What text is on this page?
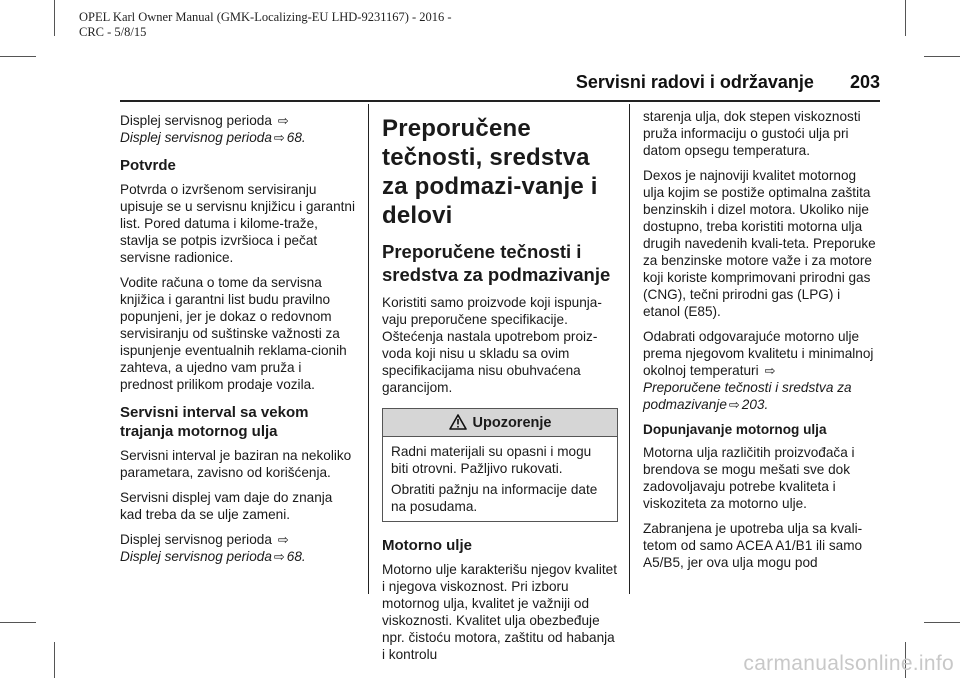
OPEL Karl Owner Manual (GMK-Localizing-EU LHD-9231167) - 2016 -
CRC - 5/8/15
Servisni radovi i održavanje 203

Displej servisnog perioda ⇨

Displej servisnog perioda ⇨ 68.

Potvrde

Potvrda o izvršenom servisiranju upisuje se u servisnu knjižicu i garantni list. Pored datuma i kilome-traže, stavlja se potpis izvršioca i pečat servisne radionice.

Vodite računa o tome da servisna knjižica i garantni list budu pravilno popunjeni, jer je dokaz o redovnom servisiranju od suštinske važnosti za ispunjenje eventualnih reklama-cionih zahteva, a ujedno vam pruža i prednost prilikom prodaje vozila.

Servisni interval sa vekom trajanja motornog ulja

Servisni interval je baziran na nekoliko parametara, zavisno od korišćenja.

Servisni displej vam daje do znanja kad treba da se ulje zameni.

Displej servisnog perioda ⇨

Displej servisnog perioda ⇨ 68.

Preporučene tečnosti, sredstva za podmazi-vanje i delovi
Preporučene tečnosti i sredstva za podmazivanje

Koristiti samo proizvode koji ispunja-vaju preporučene specifikacije. Oštećenja nastala upotrebom proiz-voda koji nisu u skladu sa ovim specifikacijama nisu obuhvaćena garancijom.

Upozorenje

Radni materijali su opasni i mogu biti otrovni. Pažljivo rukovati.

Obratiti pažnju na informacije date na posudama.

Motorno ulje

Motorno ulje karakterišu njegov kvalitet i njegova viskoznost. Pri izboru motornog ulja, kvalitet je važniji od viskoznosti. Kvalitet ulja obezbeđuje npr. čistoću motora, zaštitu od habanja i kontrolu

starenja ulja, dok stepen viskoznosti pruža informaciju o gustoći ulja pri datom opsegu temperatura.

Dexos je najnoviji kvalitet motornog ulja kojim se postiže optimalna zaštita benzinskih i dizel motora. Ukoliko nije dostupno, treba koristiti motorna ulja drugih navedenih kvali-teta. Preporuke za benzinske motore važe i za motore koji koriste komprimovani prirodni gas (CNG), tečni prirodni gas (LPG) i etanol (E85).

Odabrati odgovarajuće motorno ulje prema njegovom kvalitetu i minimalnoj okolnoj temperaturi ⇨

Preporučene tečnosti i sredstva za podmazivanje ⇨ 203.

Dopunjavanje motornog ulja

Motorna ulja različitih proizvođača i brendova se mogu mešati sve dok zadovoljavaju potrebe kvaliteta i viskoziteta za motorno ulje.

Zabranjena je upotreba ulja sa kvali-tetom od samo ACEA A1/B1 ili samo A5/B5, jer ova ulja mogu pod

carmanualsonline.info
